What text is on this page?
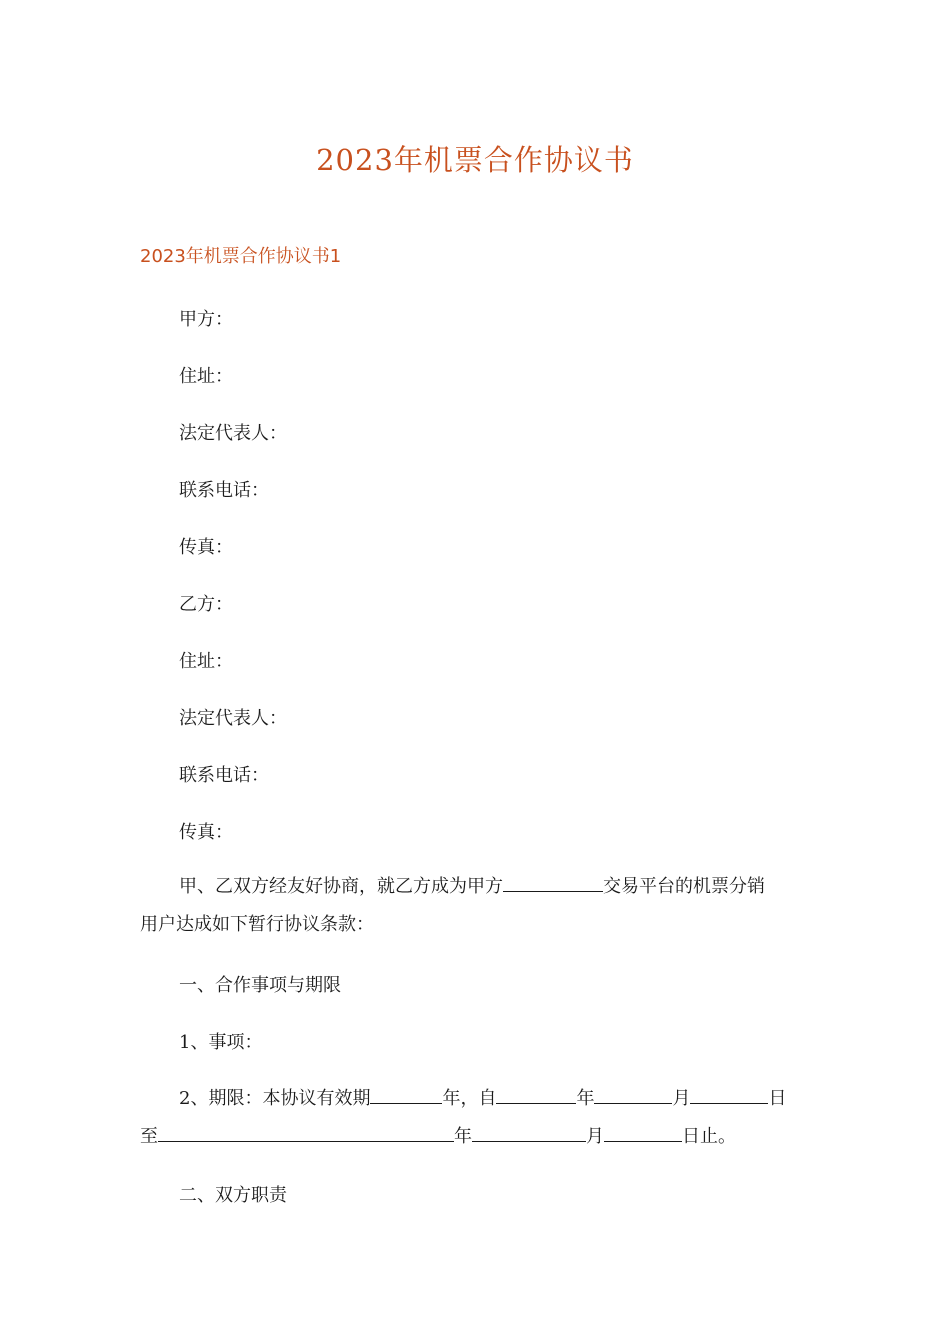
2023年机票合作协议书
2023年机票合作协议书1
甲方：
住址：
法定代表人：
联系电话：
传真：
乙方：
住址：
法定代表人：
联系电话：
传真：
甲、乙双方经友好协商，就乙方成为甲方	交易平台的机票分销
用户达成如下暂行协议条款：
一、合作事项与期限
1、事项：
2、期限：本协议有效期	年，自	年	月	日
至	年	月	日止。
二、双方职责
